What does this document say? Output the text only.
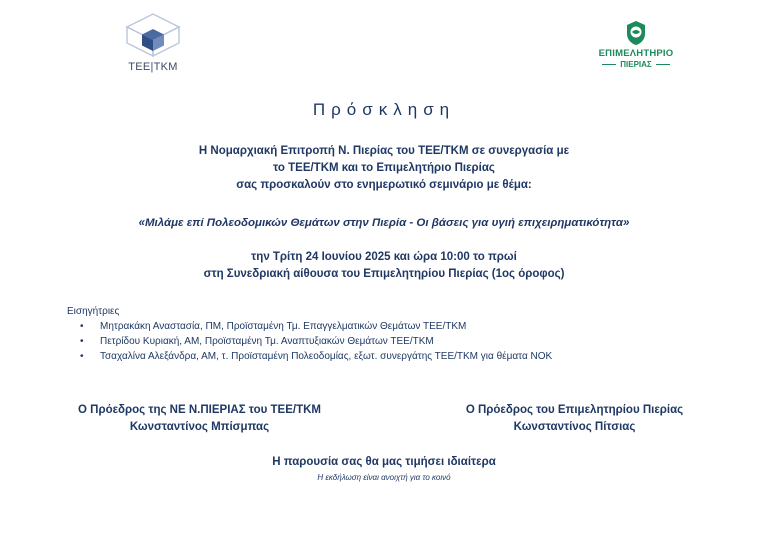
ΤΕΕ|ΤΚΜ
ΕΠΙΜΕΛΗΤΗΡΙΟ
ΠΙΕΡΙΑΣ
Πρόσκληση
Η Νομαρχιακή Επιτροπή Ν. Πιερίας του ΤΕΕ/ΤΚΜ σε συνεργασία με
το ΤΕΕ/ΤΚΜ και το Επιμελητήριο Πιερίας
σας προσκαλούν στο ενημερωτικό σεμινάριο με θέμα:
«Μιλάμε επί Πολεοδομικών Θεμάτων στην Πιερία - Οι βάσεις για υγιή επιχειρηματικότητα»
την Τρίτη 24 Ιουνίου 2025 και ώρα 10:00 το πρωί
στη Συνεδριακή αίθουσα του Επιμελητηρίου Πιερίας (1ος όροφος)
Εισηγήτριες
• Μητρακάκη Αναστασία, ΠΜ, Προϊσταμένη Τμ. Επαγγελματικών Θεμάτων ΤΕΕ/ΤΚΜ
• Πετρίδου Κυριακή, ΑΜ, Προϊσταμένη Τμ. Αναπτυξιακών Θεμάτων ΤΕΕ/ΤΚΜ
• Τσαχαλίνα Αλεξάνδρα, ΑΜ, τ. Προϊσταμένη Πολεοδομίας, εξωτ. συνεργάτης ΤΕΕ/ΤΚΜ για θέματα ΝΟΚ
Ο Πρόεδρος της ΝΕ Ν.ΠΙΕΡΙΑΣ του ΤΕΕ/ΤΚΜ
Κωνσταντίνος Μπίσμπας
Ο Πρόεδρος του Επιμελητηρίου Πιερίας
Κωνσταντίνος Πίτσιας
Η παρουσία σας θα μας τιμήσει ιδιαίτερα
Η εκδήλωση είναι ανοιχτή για το κοινό
